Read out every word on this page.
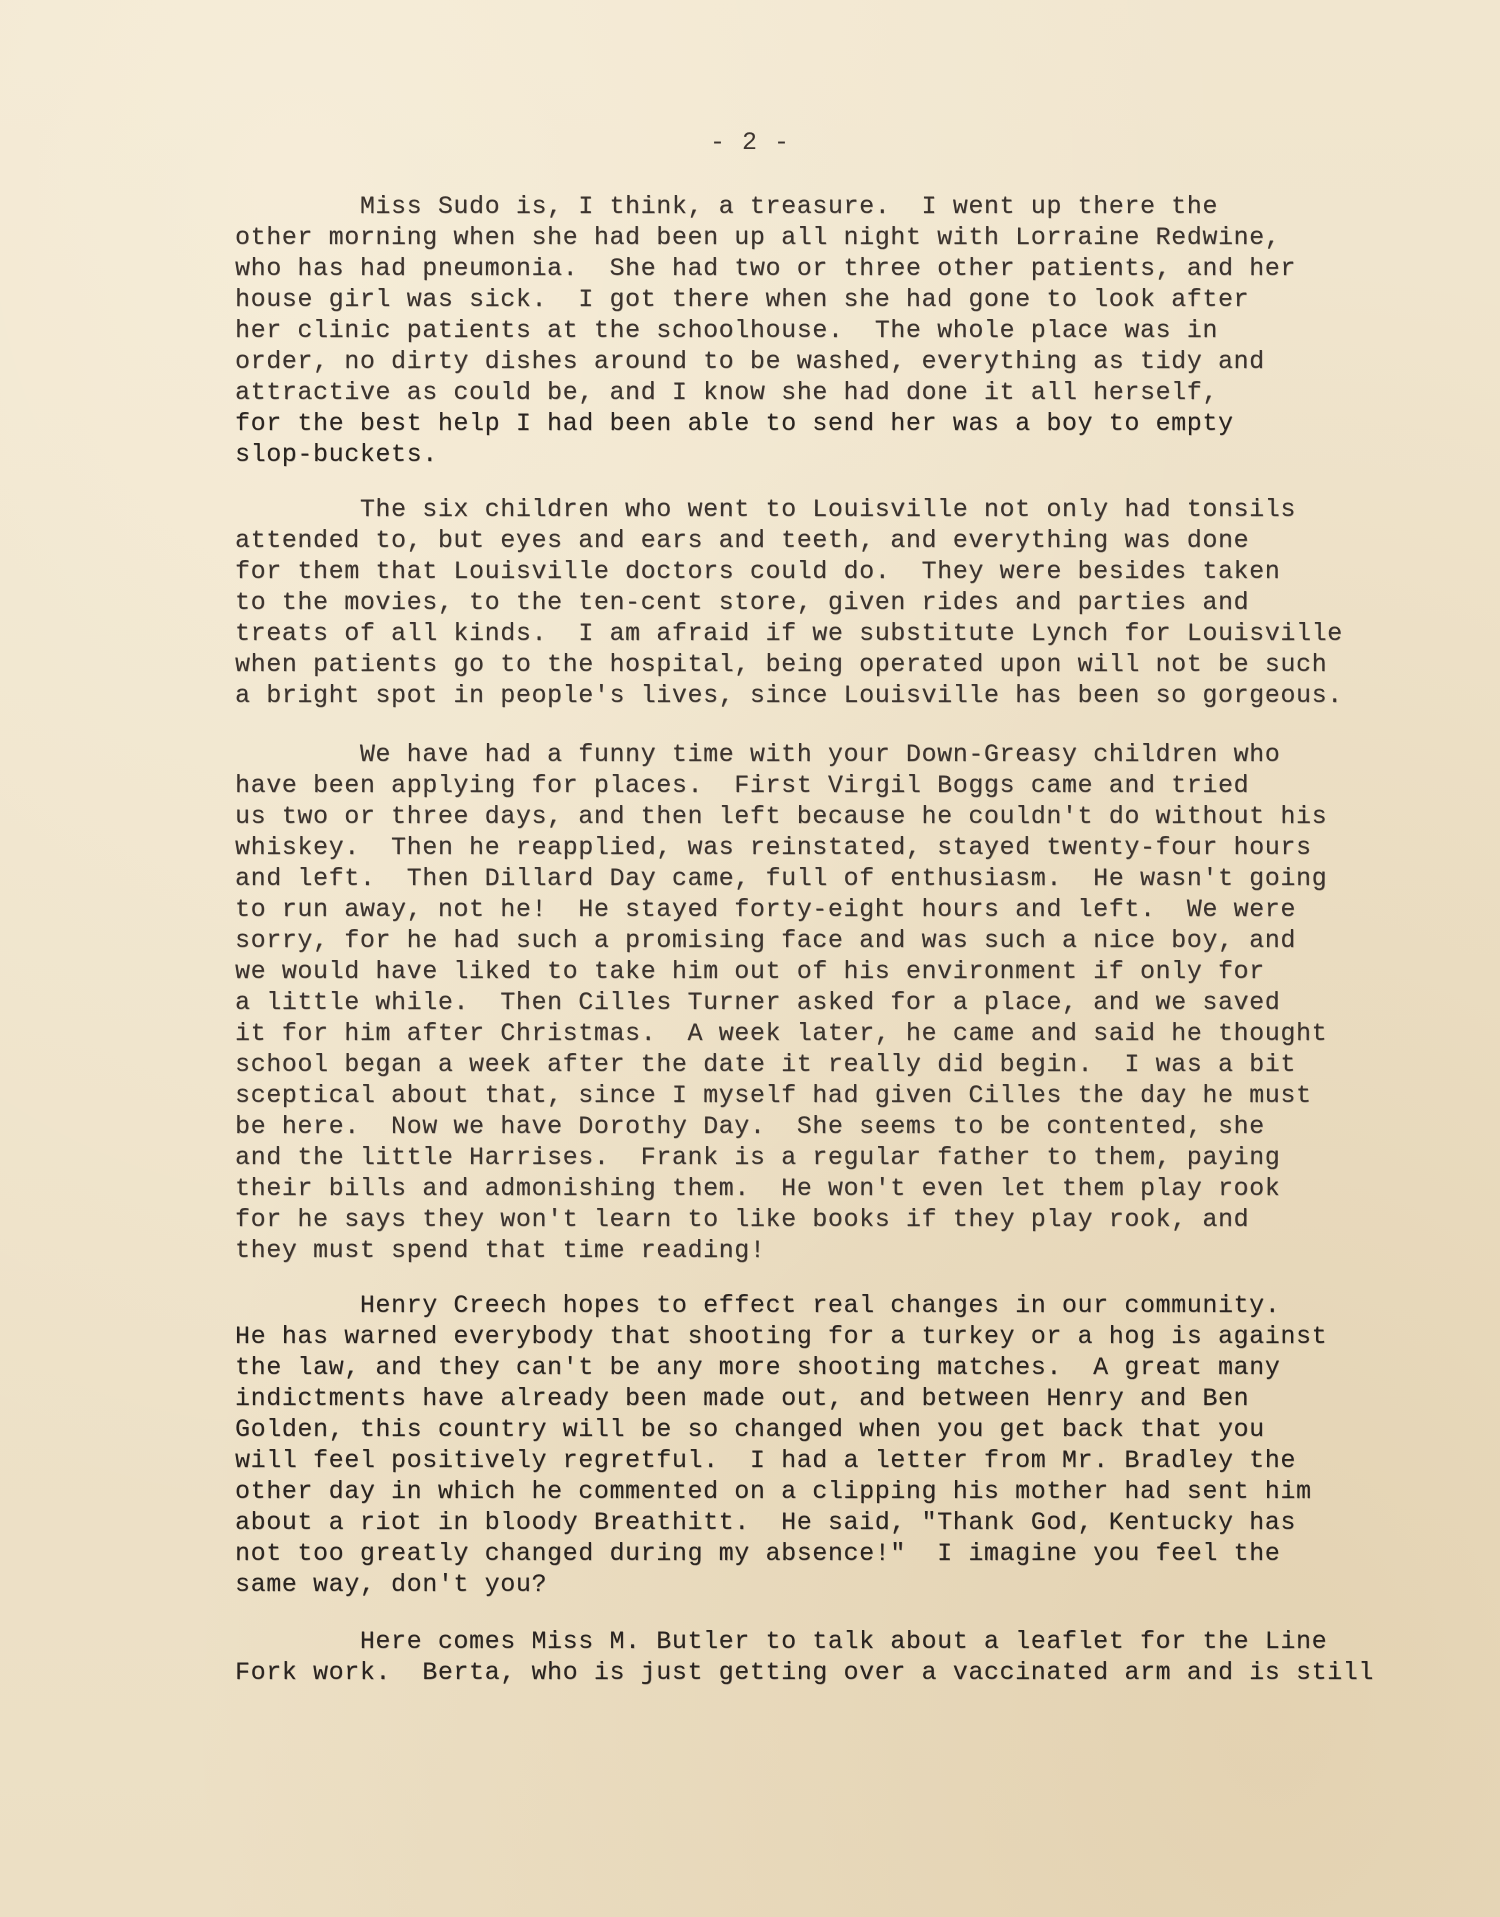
- 2 -
Miss Sudo is, I think, a treasure.  I went up there the
other morning when she had been up all night with Lorraine Redwine,
who has had pneumonia.  She had two or three other patients, and her
house girl was sick.  I got there when she had gone to look after
her clinic patients at the schoolhouse.  The whole place was in
order, no dirty dishes around to be washed, everything as tidy and
attractive as could be, and I know she had done it all herself,
for the best help I had been able to send her was a boy to empty
slop-buckets.
The six children who went to Louisville not only had tonsils
attended to, but eyes and ears and teeth, and everything was done
for them that Louisville doctors could do.  They were besides taken
to the movies, to the ten-cent store, given rides and parties and
treats of all kinds.  I am afraid if we substitute Lynch for Louisville
when patients go to the hospital, being operated upon will not be such
a bright spot in people's lives, since Louisville has been so gorgeous.
We have had a funny time with your Down-Greasy children who
have been applying for places.  First Virgil Boggs came and tried
us two or three days, and then left because he couldn't do without his
whiskey.  Then he reapplied, was reinstated, stayed twenty-four hours
and left.  Then Dillard Day came, full of enthusiasm.  He wasn't going
to run away, not he!  He stayed forty-eight hours and left.  We were
sorry, for he had such a promising face and was such a nice boy, and
we would have liked to take him out of his environment if only for
a little while.  Then Cilles Turner asked for a place, and we saved
it for him after Christmas.  A week later, he came and said he thought
school began a week after the date it really did begin.  I was a bit
sceptical about that, since I myself had given Cilles the day he must
be here.  Now we have Dorothy Day.  She seems to be contented, she
and the little Harrises.  Frank is a regular father to them, paying
their bills and admonishing them.  He won't even let them play rook
for he says they won't learn to like books if they play rook, and
they must spend that time reading!
Henry Creech hopes to effect real changes in our community.
He has warned everybody that shooting for a turkey or a hog is against
the law, and they can't be any more shooting matches.  A great many
indictments have already been made out, and between Henry and Ben
Golden, this country will be so changed when you get back that you
will feel positively regretful.  I had a letter from Mr. Bradley the
other day in which he commented on a clipping his mother had sent him
about a riot in bloody Breathitt.  He said, "Thank God, Kentucky has
not too greatly changed during my absence!"  I imagine you feel the
same way, don't you?
Here comes Miss M. Butler to talk about a leaflet for the Line
Fork work.  Berta, who is just getting over a vaccinated arm and is still
